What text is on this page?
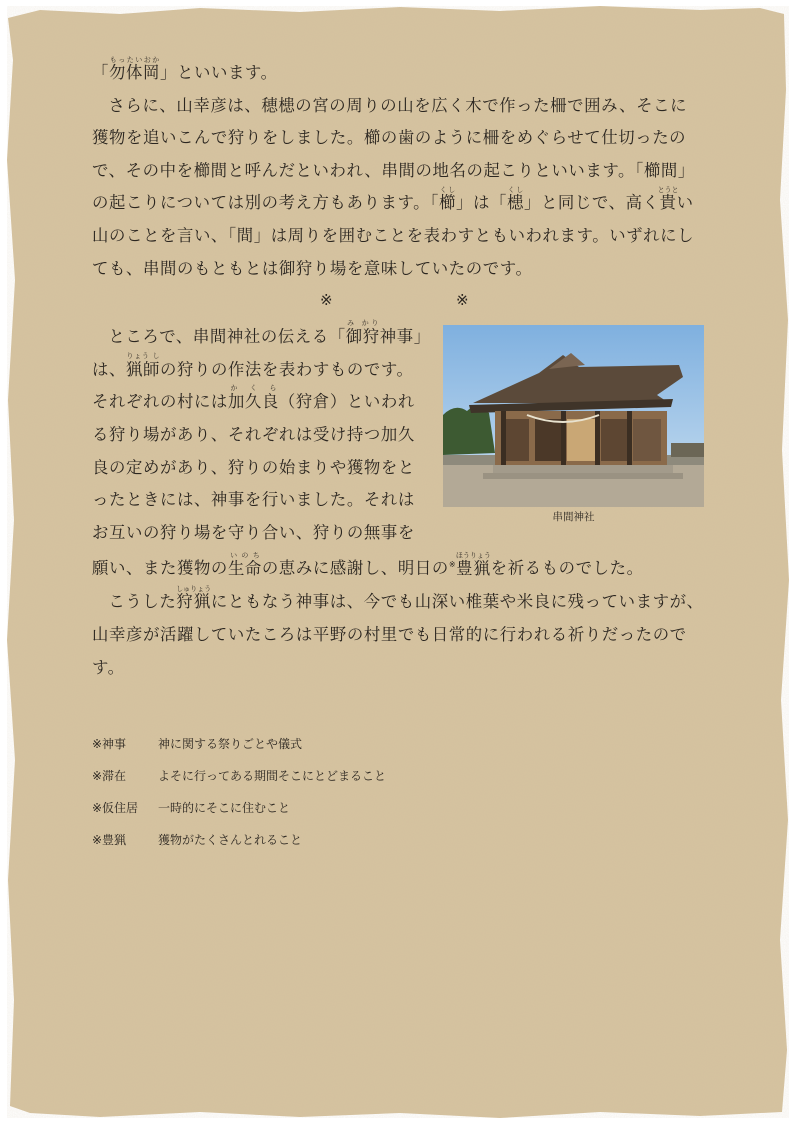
「勿体岡もったいおか」といいます。

さらに、山幸彦は、穂槵の宮の周りの山を広く木で作った柵で囲み、そこに獲物を追いこんで狩りをしました。櫛の歯のように柵をめぐらせて仕切ったので、その中を櫛間と呼んだといわれ、串間の地名の起こりといいます。「櫛間」の起こりについては別の考え方もあります。「櫛くし」は「槵くし」と同じで、高く貴とうとい山のことを言い、「間」は周りを囲むことを表わすともいわれます。いずれにしても、串間のもともとは御狩り場を意味していたのです。

※	※
串間神社

ところで、串間神社の伝える「御狩み かり神事」は、猟師りょう しの狩りの作法を表わすものです。それぞれの村には加久良か く ら（狩倉）といわれる狩り場があり、それぞれは受け持つ加久良の定めがあり、狩りの始まりや獲物をとったときには、神事を行いました。それはお互いの狩り場を守り合い、狩りの無事を願い、また獲物の生命いのちの恵みに感謝し、明日の※豊猟ほうりょうを祈るものでした。

こうした狩猟しゅりょうにともなう神事は、今でも山深い椎葉や米良に残っていますが、山幸彦が活躍していたころは平野の村里でも日常的に行われる祈りだったのです。

※神事	神に関する祭りごとや儀式
※滞在	よそに行ってある期間そこにとどまること
※仮住居	一時的にそこに住むこと
※豊猟	獲物がたくさんとれること
